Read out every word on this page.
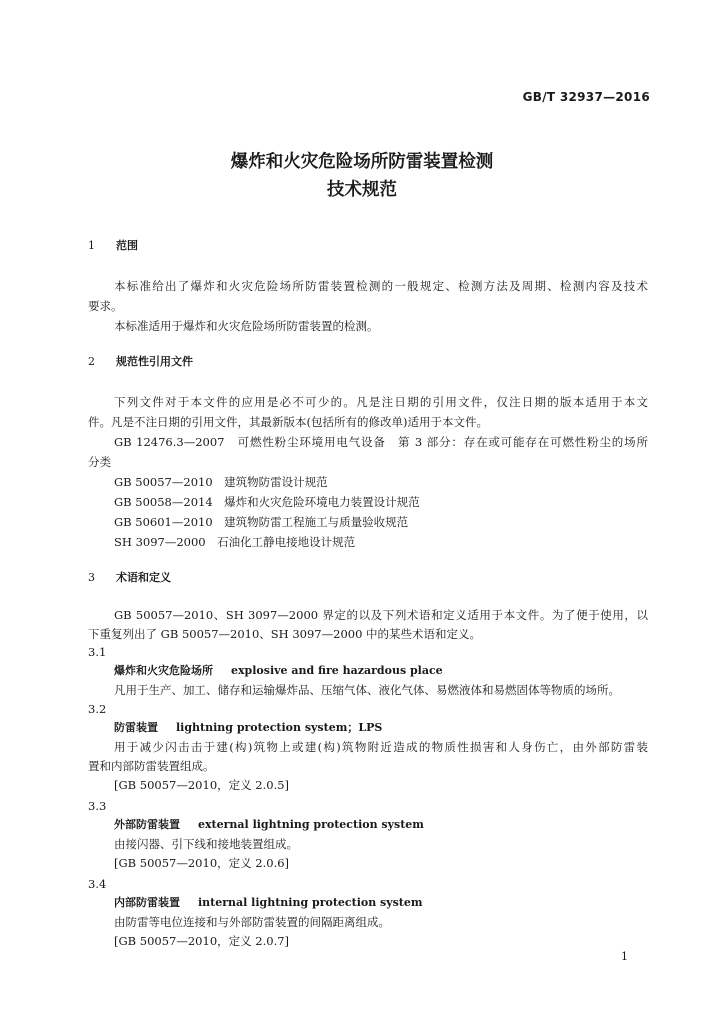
GB/T 32937—2016
爆炸和火灾危险场所防雷装置检测
技术规范
1 范围
本标准给出了爆炸和火灾危险场所防雷装置检测的一般规定、检测方法及周期、检测内容及技术
要求。
本标准适用于爆炸和火灾危险场所防雷装置的检测。
2 规范性引用文件
下列文件对于本文件的应用是必不可少的。凡是注日期的引用文件，仅注日期的版本适用于本文
件。凡是不注日期的引用文件，其最新版本(包括所有的修改单)适用于本文件。
GB 12476.3—2007　可燃性粉尘环境用电气设备　第 3 部分：存在或可能存在可燃性粉尘的场所
分类
GB 50057—2010　建筑物防雷设计规范
GB 50058—2014　爆炸和火灾危险环境电力装置设计规范
GB 50601—2010　建筑物防雷工程施工与质量验收规范
SH 3097—2000　石油化工静电接地设计规范
3 术语和定义
GB 50057—2010、SH 3097—2000 界定的以及下列术语和定义适用于本文件。为了便于使用，以
下重复列出了 GB 50057—2010、SH 3097—2000 中的某些术语和定义。
3.1
爆炸和火灾危险场所 explosive and fire hazardous place
凡用于生产、加工、储存和运输爆炸品、压缩气体、液化气体、易燃液体和易燃固体等物质的场所。
3.2
防雷装置 lightning protection system；LPS
用于减少闪击击于建(构)筑物上或建(构)筑物附近造成的物质性损害和人身伤亡，由外部防雷装
置和内部防雷装置组成。
[GB 50057—2010，定义 2.0.5]
3.3
外部防雷装置 external lightning protection system
由接闪器、引下线和接地装置组成。
[GB 50057—2010，定义 2.0.6]
3.4
内部防雷装置 internal lightning protection system
由防雷等电位连接和与外部防雷装置的间隔距离组成。
[GB 50057—2010，定义 2.0.7]
1
